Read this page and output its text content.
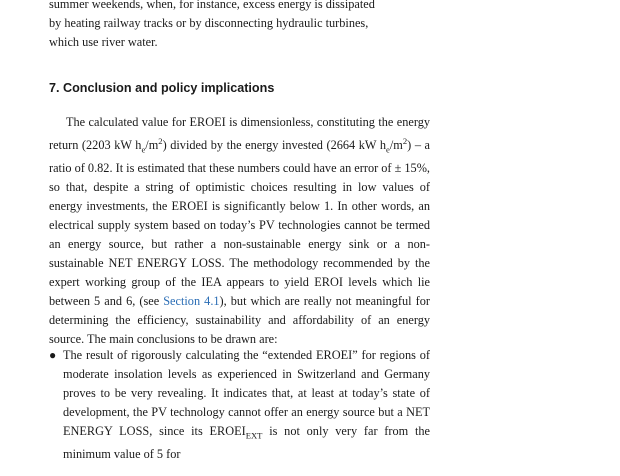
summer weekends, when, for instance, excess energy is dissipated
by heating railway tracks or by disconnecting hydraulic turbines,
which use river water.
7. Conclusion and policy implications

The calculated value for EROEI is dimensionless, constituting the energy return (2203 kW $h_e/m^2$) divided by the energy invested (2664 kW $h_e/m^2$) – a ratio of 0.82. It is estimated that these numbers could have an error of ± 15%, so that, despite a string of optimistic choices resulting in low values of energy investments, the EROEI is significantly below 1. In other words, an electrical supply system based on today’s PV technologies cannot be termed an energy source, but rather a non-sustainable energy sink or a non-sustainable NET ENERGY LOSS. The methodology recommended by the expert working group of the IEA appears to yield EROI levels which lie between 5 and 6, (see Section 4.1), but which are really not meaningful for determining the efficiency, sustainability and affordability of an energy source. The main conclusions to be drawn are:

● The result of rigorously calculating the “extended EROEI” for regions of moderate insolation levels as experienced in Switzerland and Germany proves to be very revealing. It indicates that, at least at today’s state of development, the PV technology cannot offer an energy source but a NET ENERGY LOSS, since its $EROEI_{EXT}$ is not only very far from the minimum value of 5 for
